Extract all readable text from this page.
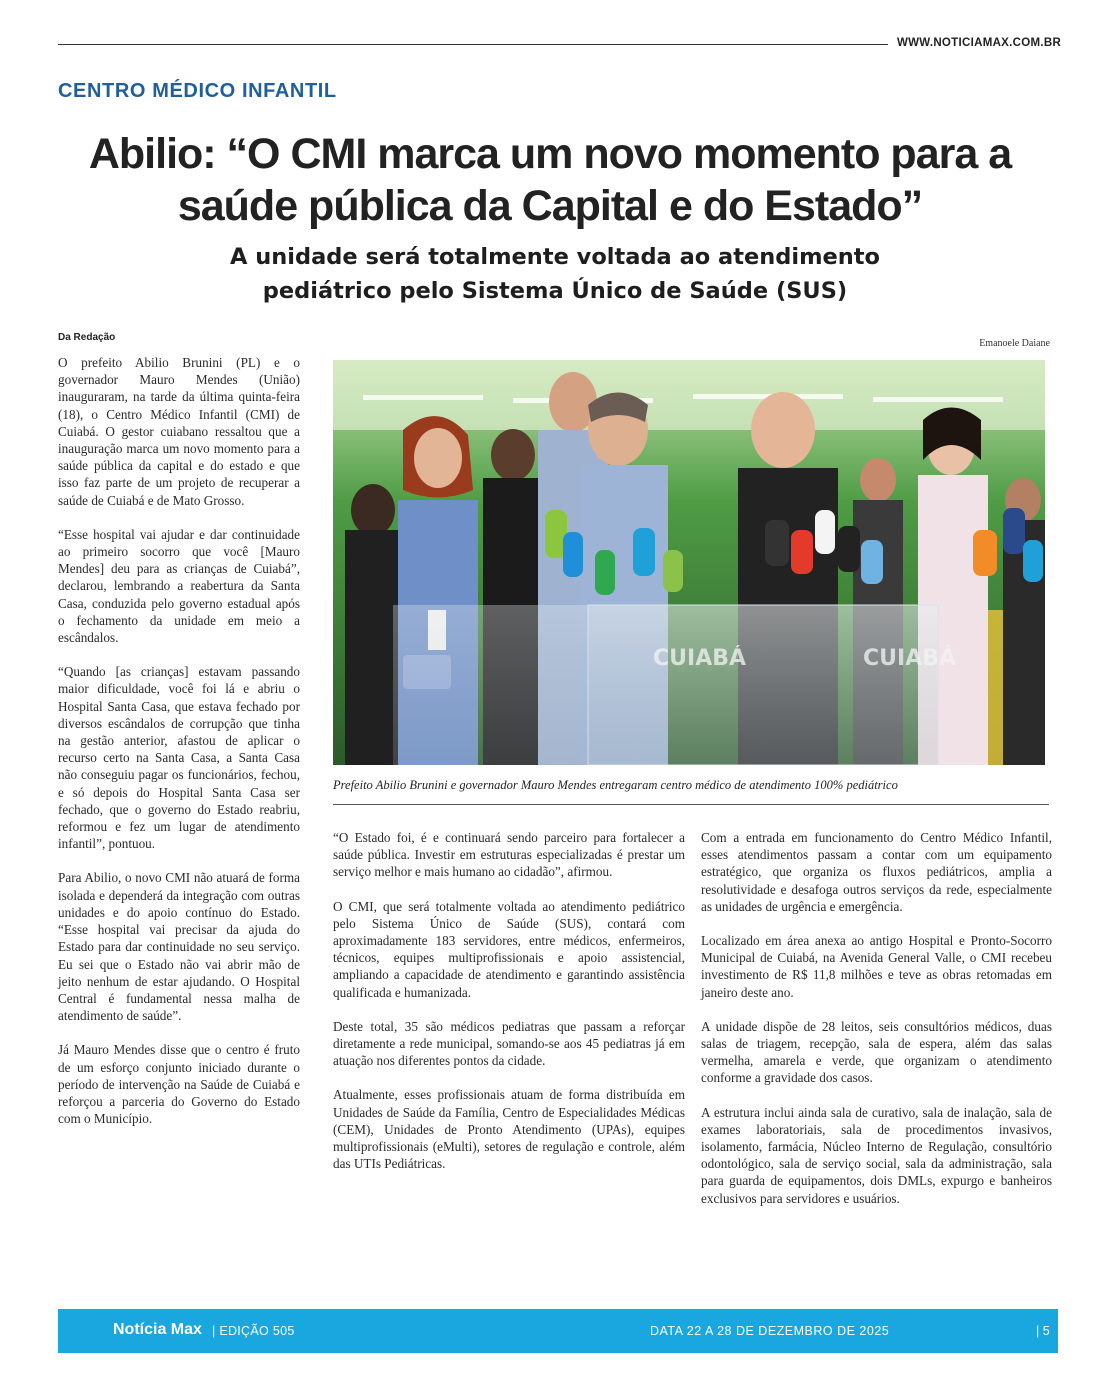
WWW.NOTICIAMAX.COM.BR
CENTRO MÉDICO INFANTIL
Abilio: “O CMI marca um novo momento para a
saúde pública da Capital e do Estado”
A unidade será totalmente voltada ao atendimento
pediátrico pelo Sistema Único de Saúde (SUS)
Da Redação
Emanoele Daiane
CUIABÁ	CUIABÁ
Prefeito Abilio Brunini e governador Mauro Mendes entregaram centro médico de atendimento 100% pediátrico

O prefeito Abilio Brunini (PL) e o governador Mauro Mendes (União) inauguraram, na tarde da última quinta-feira (18), o Centro Médico Infantil (CMI) de Cuiabá. O gestor cuiabano ressaltou que a inauguração marca um novo momento para a saúde pública da capital e do estado e que isso faz parte de um projeto de recuperar a saúde de Cuiabá e de Mato Grosso.

“Esse hospital vai ajudar e dar continuidade ao primeiro socorro que você [Mauro Mendes] deu para as crianças de Cuiabá”, declarou, lembrando a reabertura da Santa Casa, conduzida pelo governo estadual após o fechamento da unidade em meio a escândalos.

“Quando [as crianças] estavam passando maior dificuldade, você foi lá e abriu o Hospital Santa Casa, que estava fechado por diversos escândalos de corrupção que tinha na gestão anterior, afastou de aplicar o recurso certo na Santa Casa, a Santa Casa não conseguiu pagar os funcionários, fechou, e só depois do Hospital Santa Casa ser fechado, que o governo do Estado reabriu, reformou e fez um lugar de atendimento infantil”, pontuou.

Para Abilio, o novo CMI não atuará de forma isolada e dependerá da integração com outras unidades e do apoio contínuo do Estado. “Esse hospital vai precisar da ajuda do Estado para dar continuidade no seu serviço. Eu sei que o Estado não vai abrir mão de jeito nenhum de estar ajudando. O Hospital Central é fundamental nessa malha de atendimento de saúde”.

Já Mauro Mendes disse que o centro é fruto de um esforço conjunto iniciado durante o período de intervenção na Saúde de Cuiabá e reforçou a parceria do Governo do Estado com o Município.

“O Estado foi, é e continuará sendo parceiro para fortalecer a saúde pública. Investir em estruturas especializadas é prestar um serviço melhor e mais humano ao cidadão”, afirmou.

O CMI, que será totalmente voltada ao atendimento pediátrico pelo Sistema Único de Saúde (SUS), contará com aproximadamente 183 servidores, entre médicos, enfermeiros, técnicos, equipes multiprofissionais e apoio assistencial, ampliando a capacidade de atendimento e garantindo assistência qualificada e humanizada.

Deste total, 35 são médicos pediatras que passam a reforçar diretamente a rede municipal, somando-se aos 45 pediatras já em atuação nos diferentes pontos da cidade.

Atualmente, esses profissionais atuam de forma distribuída em Unidades de Saúde da Família, Centro de Especialidades Médicas (CEM), Unidades de Pronto Atendimento (UPAs), equipes multiprofissionais (eMulti), setores de regulação e controle, além das UTIs Pediátricas.

Com a entrada em funcionamento do Centro Médico Infantil, esses atendimentos passam a contar com um equipamento estratégico, que organiza os fluxos pediátricos, amplia a resolutividade e desafoga outros serviços da rede, especialmente as unidades de urgência e emergência.

Localizado em área anexa ao antigo Hospital e Pronto-Socorro Municipal de Cuiabá, na Avenida General Valle, o CMI recebeu investimento de R$ 11,8 milhões e teve as obras retomadas em janeiro deste ano.

A unidade dispõe de 28 leitos, seis consultórios médicos, duas salas de triagem, recepção, sala de espera, além das salas vermelha, amarela e verde, que organizam o atendimento conforme a gravidade dos casos.

A estrutura inclui ainda sala de curativo, sala de inalação, sala de exames laboratoriais, sala de procedimentos invasivos, isolamento, farmácia, Núcleo Interno de Regulação, consultório odontológico, sala de serviço social, sala da administração, sala para guarda de equipamentos, dois DMLs, expurgo e banheiros exclusivos para servidores e usuários.

Notícia Max | EDIÇÃO 505	DATA 22 A 28 DE DEZEMBRO DE 2025	| 5
